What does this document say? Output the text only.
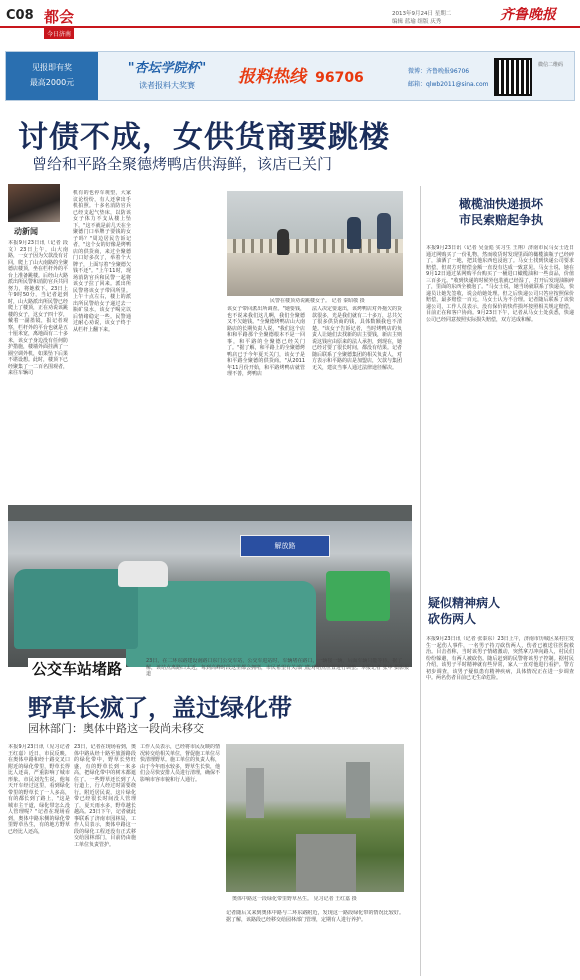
C08 都会
今日济南
2013年9月24日 星期二
编辑 蓝瑜 组版 庆秀	齐鲁晚报
见报即有奖
最高2000元
"杏坛学院杯"
读者报料大奖赛	报料热线 96706	微博：齐鲁晚报96706
邮箱：qlwb2011@sina.com
微信二维码
讨债不成，女供货商要跳楼
曾给和平路全聚德烤鸭店供海鲜，该店已关门
动新闻
本报9月23日讯（记者 段文）23日上午，山大南路，一女子因为欠款没有讨回，爬上了山大南路的全聚德店楼顶，坐在栏杆外的平台上准备跳楼。后经山大路派出所民警和消防官兵共同努力，将她救下。23日上午9时50分，当记者赶到时，山大路派出所民警已经爬上了楼顶，正在劝说该跳楼的女子，这女子四十岁，戴着一副墨镜，报记者观察，栏杆外的平台也就是五十厘米宽，离地面有二十多米，该女子身边没有任何防护措施，楼墙外面挂满了一圈空调外机，如果坠下后果不堪设想。此时，楼顶下已经聚集了一二百名围观者，来往车辆司
机有的也停车观望，大家议论纷纷，有人还拿出手机拍照。十多名消防官兵已经支起气垫床，以防该女子体力不支从楼上坠下。"这不就是前几天在全聚德门口举牌子要钱的女子吗？"周边居民告诉记者，"这个女的好像是烤鸭店的供货商，来过全聚德门口好多次了，举着个大牌子，上面写着"全聚德欠钱不还"。"上午11时，现场消防官兵和民警一起将该女子拉了回来。派出所民警将该女子带回所里。上午十点左右，楼上的派出所民警给女子递过去一瓶矿泉水，该女子喝完以后情绪稳定一些。民警通过耐心劝说，该女子终于从栏杆上翻下来。
民警在楼顶劝说跳楼女子。 记者 秦昭敬 摄
该女子带回派出所调查。"她要钱，也不说来我们这儿啊，我们全聚德又不欠她钱。"全聚德烤鸭店山大南路店的长期负责人说，"我们这个店和和平路那个全聚德根本不是一回事，和平路的全聚德已经关门了。"据了解，和平路上的全聚德烤鸭店已于今年夏天关门，该女子是和平路全聚德的供货商。"从2011年11月份开始，和平路烤鸭店就管理不善，烤鸭店
法人决定要退出，该烤鸭店对外拖欠的货款很多，光是我们就有二十多万，总共欠了很多供货商的钱，具体数额我也不清楚。"该女子告诉记者，当时烤鸭店的负责人让她们去找新的店主要钱，新店主则说这钱应由原来的法人承担，到现在，她已经讨要了很长时间，都没有结果。记者随后联系了全聚德集团的相关负责人，对方表示和平路的店是加盟店，欠款与集团无关，建议当事人通过法律途径解决。
橄榄油快递损坏
市民索赔起争执
本报9月23日讯（记者 吴金彪 实习生 王翔）济南市民马女士近日通过网购买了一份礼物，然而收货时发现里面的橄榄油瓶子已经碎了，油洒了一地，把其他东西也浸泡了。马女士找到快递公司要求赔偿，但双方对赔偿金额一直没有达成一致意见。马女士说，她在9月12日通过某网购平台购买了一桶进口橄榄油和一些食品，价值三百多元。"收到快递的时候外包装就已经湿了，打开后发现油瓶碎了，里面的东西全被泡了。"马女士说，她当场就联系了快递员，快递员让她先签收，说会给她处理。但之后快递公司只答应按照保价赔偿，最多赔偿一百元，马女士认为不合理。记者随后联系了该快递公司，工作人员表示，没有保价的快件损坏按照相关规定赔偿，目前正在和客户协商。9月23日下午，记者从马女士处获悉，快递公司已经同意按照实际损失赔偿，双方达成和解。
疑似精神病人
砍伤两人
本报9月23日讯（记者 张泰东）23日上午，济南市历城区某村庄发生一起伤人事件，一名男子持刀砍伤两人，伤者已被送往医院救治。目击者称，当时该男子情绪激动，突然拿刀冲向路人，村民们纷纷躲避，有两人被砍伤。随后赶到的民警将该男子控制。据村民介绍，该男子平时精神就有些异常，家人一直对他进行看护。警方初步调查，该男子疑似患有精神疾病，具体情况正在进一步调查中。两名伤者目前已无生命危险。
解放路
公交车站堵路	23日，在二环东路建设南路口东门公交车站，公交车进站时，车辆堵在路口，一辆接一辆，后面车辆只能等待。据了解，该站点离路口太近，每到高峰时段这里都会拥堵，市民希望有关部门能对站点位置进行调整。本报记者 张中 摄影报道
野草长疯了，盖过绿化带
园林部门：奥体中路这一段尚未移交
本报9月23日讯（见习记者 王红嘉）近日，市民反映，在奥体中路和经十路交叉口附近的绿化带里，野草长得比人还高，严重影响了城市形象。市民刘先生说，他每天开车经过这里，看到绿化带里的野草长了一人多高，有的都长到了路上，"这是城市主干道，绿化带怎么没人管理呢？"记者在现场看到，奥体中路东侧的绿化带里野草丛生，有的地方野草已经比人还高，
23日，记者在现场看到，奥体中路从经十路至旅游路段的绿化带中，野草长势旺盛，有的野草长到一米多高，把绿化带中的树木都遮住了。一些野草还长到了人行道上，行人经过时需要绕行。附近居民说，这片绿化带已经很长时间没人管理了，夏天雨水多，野草越长越高。23日下午，记者就此事联系了济南市园林局，工作人员表示，奥体中路这一段的绿化工程还没有正式移交给园林部门，目前仍由施工单位负责管护。
工作人员表示，已经将市民反映的情况转交给相关单位，督促施工单位尽快清理野草。施工单位的负责人称，由于今年雨水较多，野草生长快，他们会尽快安排人员进行清理，确保不影响市容市貌和行人通行。
奥体中路这一段绿化带里野草丛生。 见习记者 王红嘉 摄
记者随后又来到奥体中路与二环东路附近，发现这一路段绿化带的情况比较好。据了解，该路段已经移交给园林部门管理，定期有人进行养护。
